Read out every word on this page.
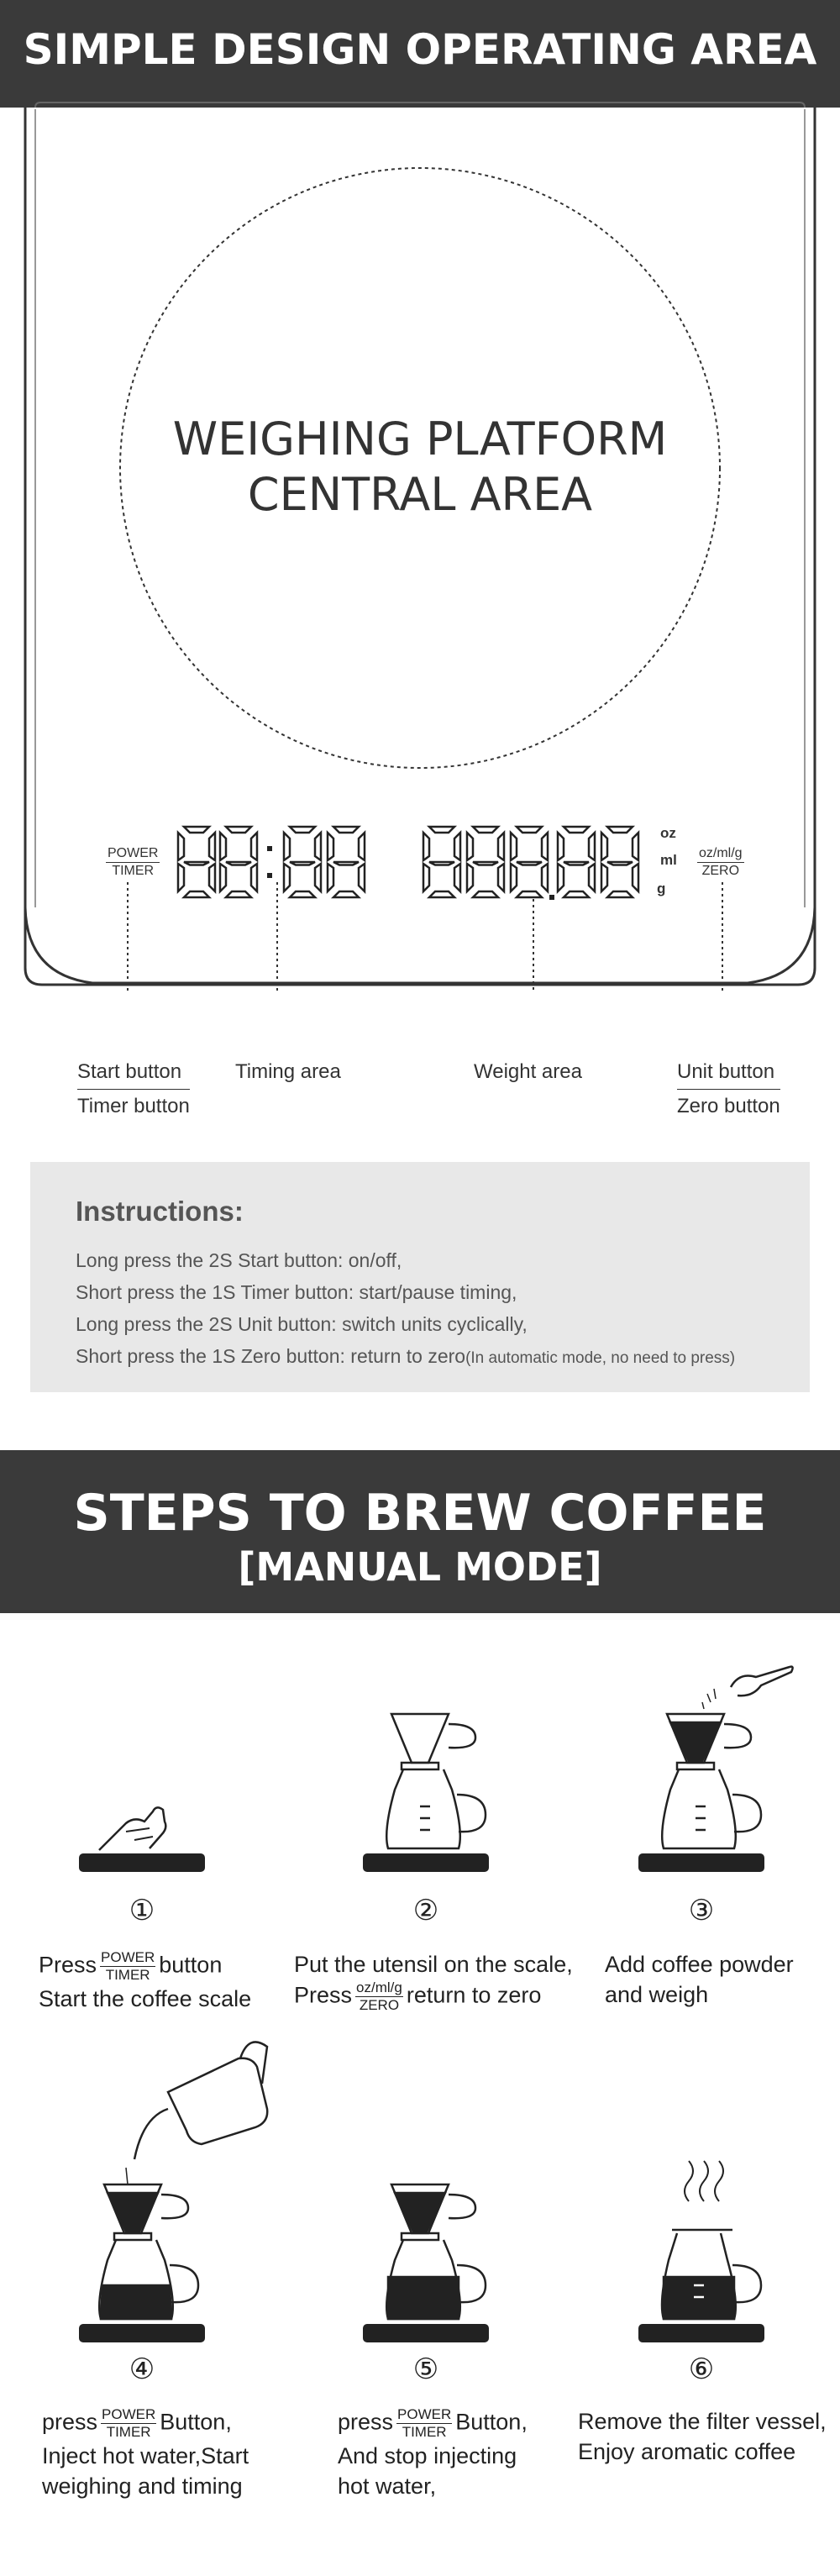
SIMPLE DESIGN OPERATING AREA
WEIGHING PLATFORM
CENTRAL AREA
POWER
TIMER
oz/ml/g
ZERO
oz
ml
g
Start button
Timer button
Timing area	Weight area	Unit button
Zero button
Instructions:
Long press the 2S Start button: on/off,
Short press the 1S Timer button: start/pause timing,
Long press the 2S Unit button: switch units cyclically,
Short press the 1S Zero button: return to zero(In automatic mode, no need to press)
STEPS TO BREW COFFEE
[MANUAL MODE]
①	②	③
④	⑤	⑥
Press POWER
TIMER button
Start the coffee scale
Put the utensil on the scale,
Press oz/ml/g
ZERO return to zero
Add coffee powder
and weigh
press POWER
TIMER Button,
Inject hot water,Start
weighing and timing
press POWER
TIMER Button,
And stop injecting
hot water,
Remove the filter vessel,
Enjoy aromatic coffee
